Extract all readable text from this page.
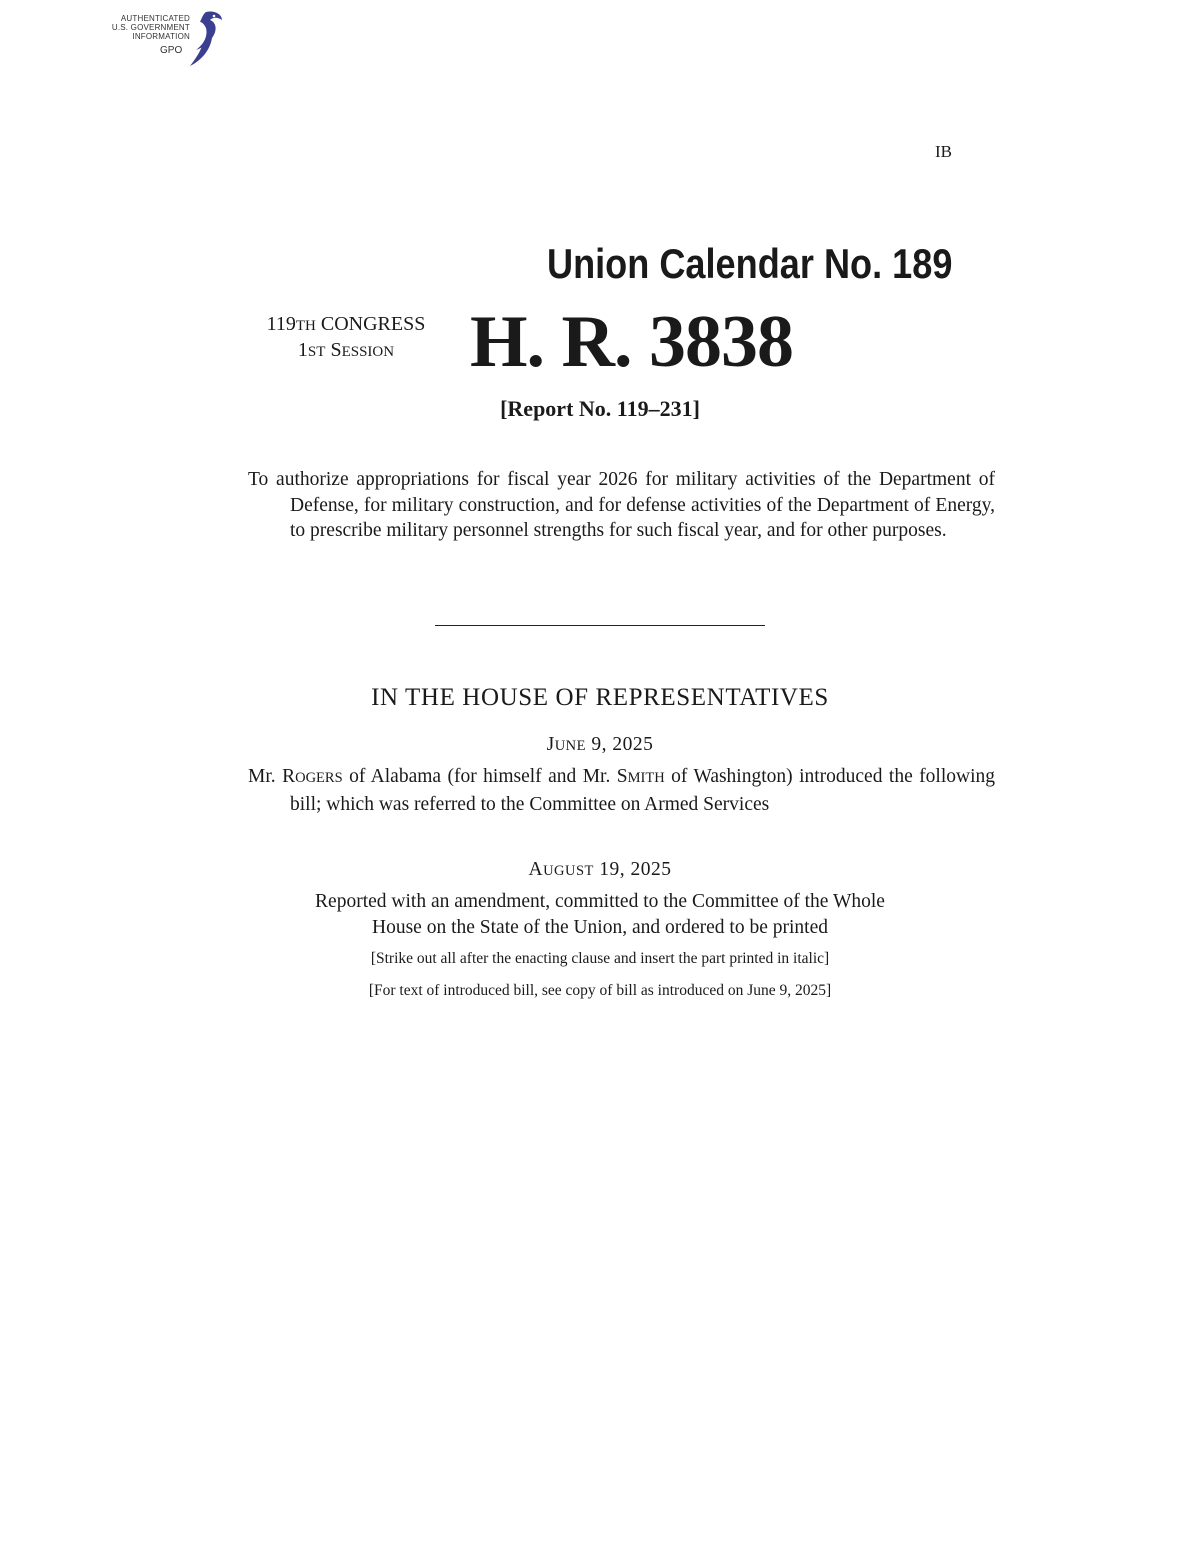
AUTHENTICATED
U.S. GOVERNMENT
INFORMATION
GPO
IB
Union Calendar No. 189
119TH CONGRESS
1ST SESSION	H. R. 3838
[Report No. 119–231]
To authorize appropriations for fiscal year 2026 for military activities of the Department of Defense, for military construction, and for defense activities of the Department of Energy, to prescribe military personnel strengths for such fiscal year, and for other purposes.
IN THE HOUSE OF REPRESENTATIVES
JUNE 9, 2025
Mr. ROGERS of Alabama (for himself and Mr. SMITH of Washington) introduced the following bill; which was referred to the Committee on Armed Services
AUGUST 19, 2025
Reported with an amendment, committed to the Committee of the Whole
House on the State of the Union, and ordered to be printed
[Strike out all after the enacting clause and insert the part printed in italic]
[For text of introduced bill, see copy of bill as introduced on June 9, 2025]
